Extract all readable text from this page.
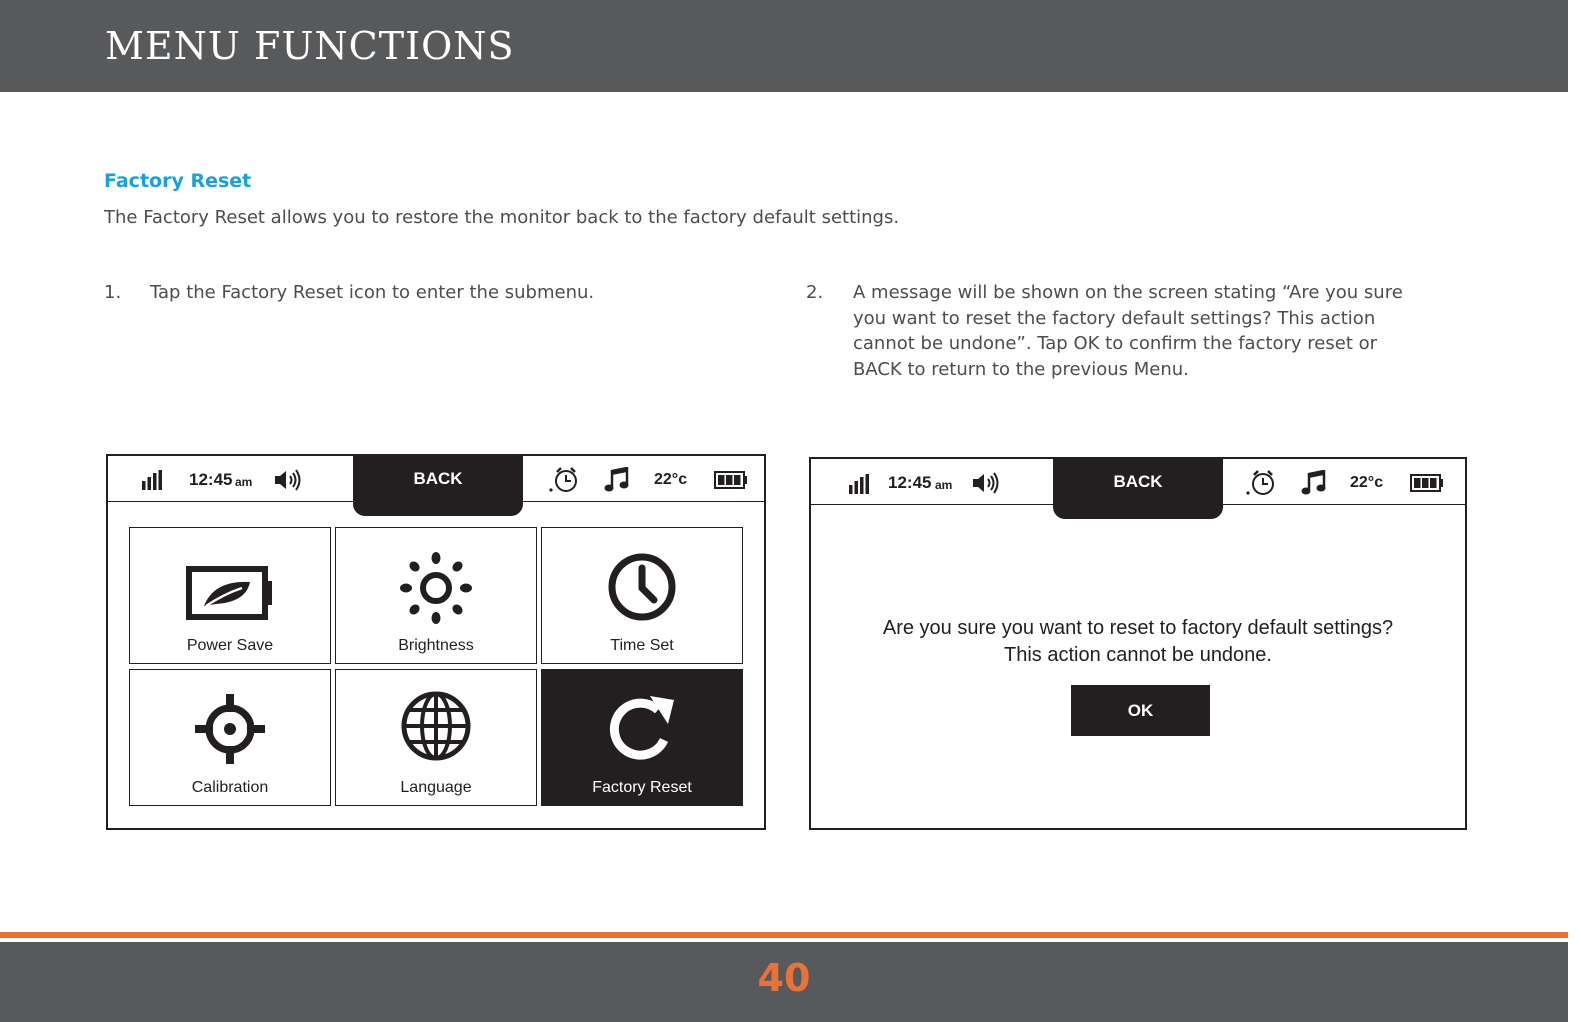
MENU FUNCTIONS
Factory Reset
The Factory Reset allows you to restore the monitor back to the factory default settings.
1. Tap the Factory Reset icon to enter the submenu.	2. A message will be shown on the screen stating “Are you sure
you want to reset the factory default settings? This action
cannot be undone”. Tap OK to confirm the factory reset or
BACK to return to the previous Menu.
12:45 am	BACK	22°c
Power Save	Brightness	Time Set
Calibration	Language	Factory Reset
12:45 am	BACK	22°c
Are you sure you want to reset to factory default settings?
This action cannot be undone.
OK
40
